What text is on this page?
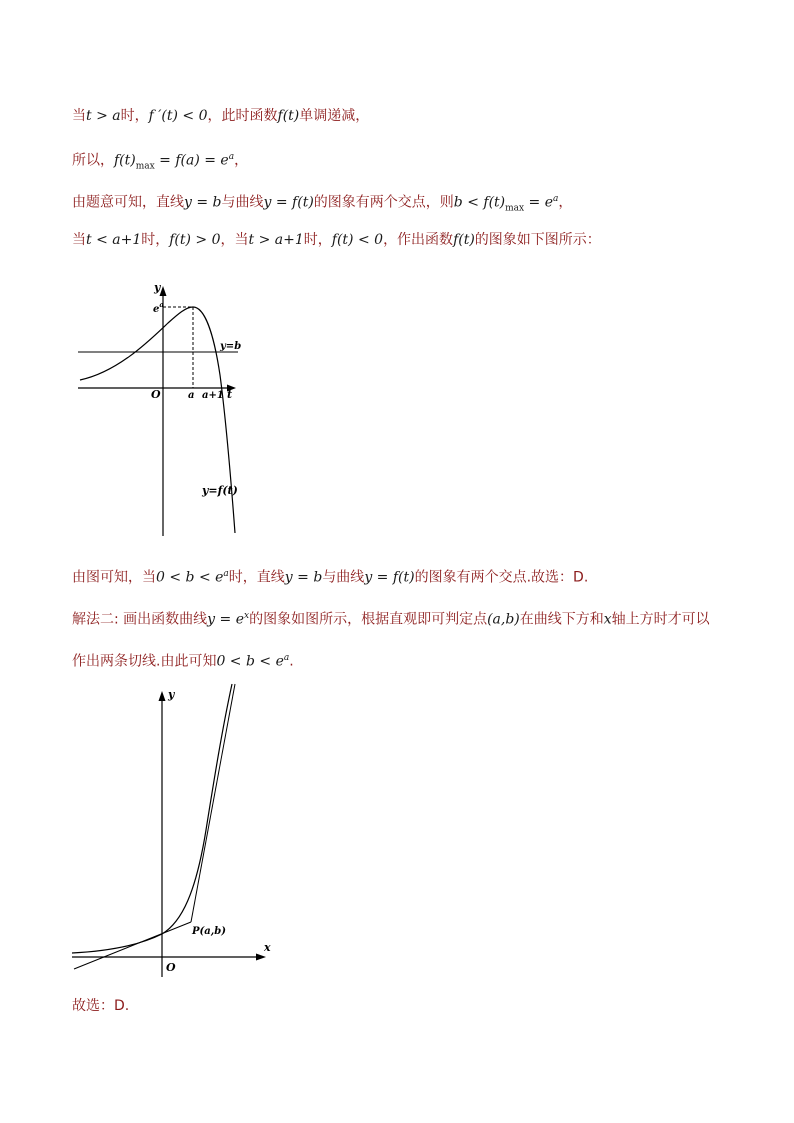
当t > a时，f ′(t) < 0，此时函数f(t)单调递减，
所以，$f(t)_{max} = f(a) = e^a$，
由题意可知，直线y = b与曲线y = f(t)的图象有两个交点，则$b < f(t)_{max} = e^a$，
当t < a+1时，f(t) > 0，当t > a+1时，f(t) < 0，作出函数f(t)的图象如下图所示：
y
$e^a$
y=b
O	a a+1 t
y=f(t)
由图可知，当$0 < b < e^a$时，直线y = b与曲线y = f(t)的图象有两个交点.故选：D.
解法二: 画出函数曲线$y = e^x$的图象如图所示，根据直观即可判定点(a,b)在曲线下方和x轴上方时才可以
作出两条切线.由此可知$0 < b < e^a$.
y
P(a,b)
x
O
故选：D.
